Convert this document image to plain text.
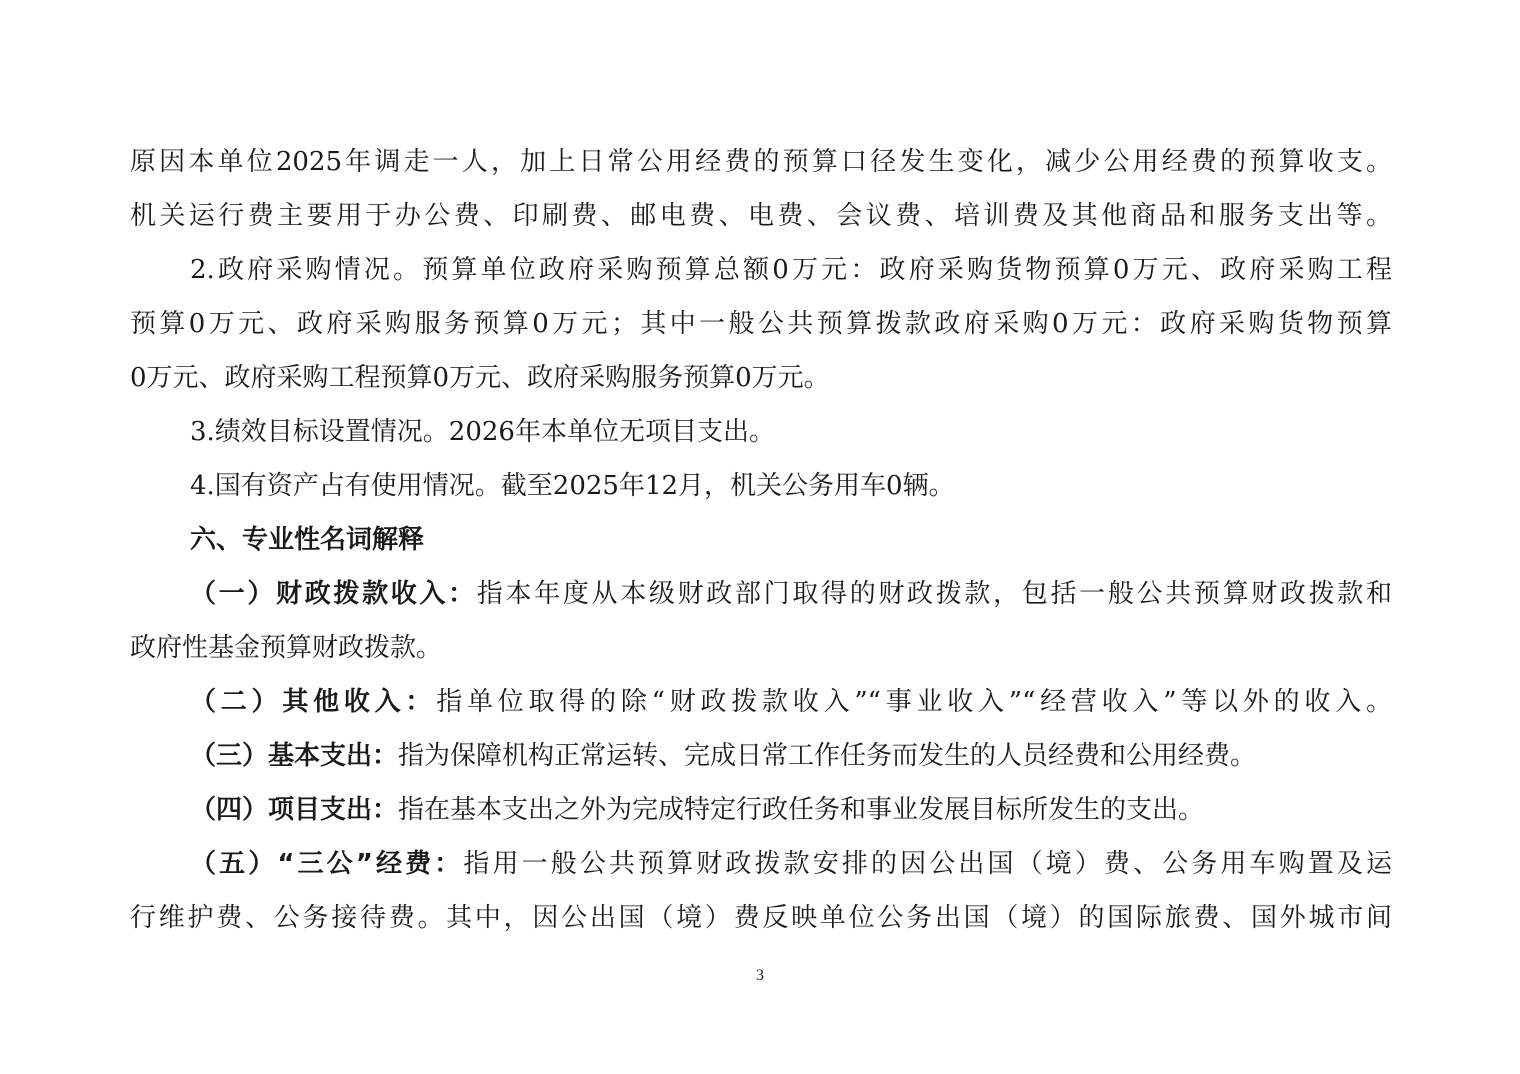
原因本单位2025年调走一人，加上日常公用经费的预算口径发生变化，减少公用经费的预算收支。
机关运行费主要用于办公费、印刷费、邮电费、电费、会议费、培训费及其他商品和服务支出等。
2.政府采购情况。预算单位政府采购预算总额0万元：政府采购货物预算0万元、政府采购工程
预算0万元、政府采购服务预算0万元；其中一般公共预算拨款政府采购0万元：政府采购货物预算
0万元、政府采购工程预算0万元、政府采购服务预算0万元。
3.绩效目标设置情况。2026年本单位无项目支出。
4.国有资产占有使用情况。截至2025年12月，机关公务用车0辆。
六、专业性名词解释
（一）财政拨款收入：指本年度从本级财政部门取得的财政拨款，包括一般公共预算财政拨款和
政府性基金预算财政拨款。
（二）其他收入：指单位取得的除“财政拨款收入”“事业收入”“经营收入”等以外的收入。
（三）基本支出：指为保障机构正常运转、完成日常工作任务而发生的人员经费和公用经费。
（四）项目支出：指在基本支出之外为完成特定行政任务和事业发展目标所发生的支出。
（五）“三公”经费：指用一般公共预算财政拨款安排的因公出国（境）费、公务用车购置及运
行维护费、公务接待费。其中，因公出国（境）费反映单位公务出国（境）的国际旅费、国外城市间
3
